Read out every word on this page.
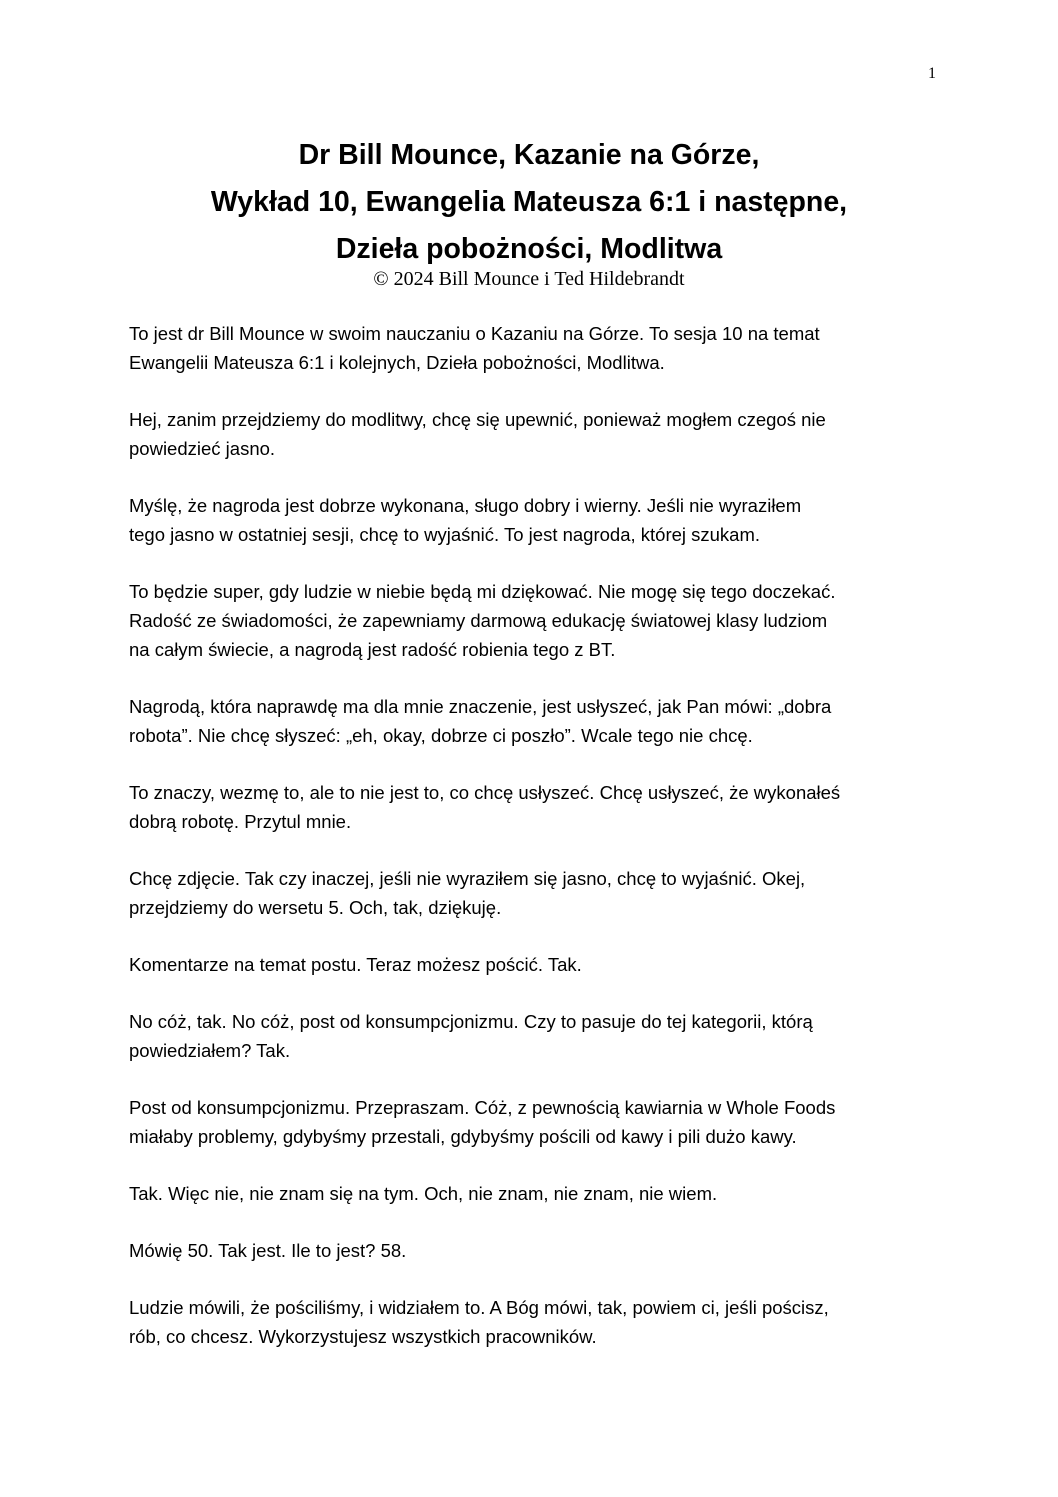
1
Dr Bill Mounce, Kazanie na Górze,
Wykład 10, Ewangelia Mateusza 6:1 i następne,
Dzieła pobożności, Modlitwa
© 2024 Bill Mounce i Ted Hildebrandt

To jest dr Bill Mounce w swoim nauczaniu o Kazaniu na Górze. To sesja 10 na temat
Ewangelii Mateusza 6:1 i kolejnych, Dzieła pobożności, Modlitwa.

Hej, zanim przejdziemy do modlitwy, chcę się upewnić, ponieważ mogłem czegoś nie
powiedzieć jasno.

Myślę, że nagroda jest dobrze wykonana, sługo dobry i wierny. Jeśli nie wyraziłem
tego jasno w ostatniej sesji, chcę to wyjaśnić. To jest nagroda, której szukam.

To będzie super, gdy ludzie w niebie będą mi dziękować. Nie mogę się tego doczekać.
Radość ze świadomości, że zapewniamy darmową edukację światowej klasy ludziom
na całym świecie, a nagrodą jest radość robienia tego z BT.

Nagrodą, która naprawdę ma dla mnie znaczenie, jest usłyszeć, jak Pan mówi: „dobra
robota”. Nie chcę słyszeć: „eh, okay, dobrze ci poszło”. Wcale tego nie chcę.

To znaczy, wezmę to, ale to nie jest to, co chcę usłyszeć. Chcę usłyszeć, że wykonałeś
dobrą robotę. Przytul mnie.

Chcę zdjęcie. Tak czy inaczej, jeśli nie wyraziłem się jasno, chcę to wyjaśnić. Okej,
przejdziemy do wersetu 5. Och, tak, dziękuję.

Komentarze na temat postu. Teraz możesz pościć. Tak.

No cóż, tak. No cóż, post od konsumpcjonizmu. Czy to pasuje do tej kategorii, którą
powiedziałem? Tak.

Post od konsumpcjonizmu. Przepraszam. Cóż, z pewnością kawiarnia w Whole Foods
miałaby problemy, gdybyśmy przestali, gdybyśmy pościli od kawy i pili dużo kawy.

Tak. Więc nie, nie znam się na tym. Och, nie znam, nie znam, nie wiem.

Mówię 50. Tak jest. Ile to jest? 58.

Ludzie mówili, że pościliśmy, i widziałem to. A Bóg mówi, tak, powiem ci, jeśli pościsz,
rób, co chcesz. Wykorzystujesz wszystkich pracowników.
